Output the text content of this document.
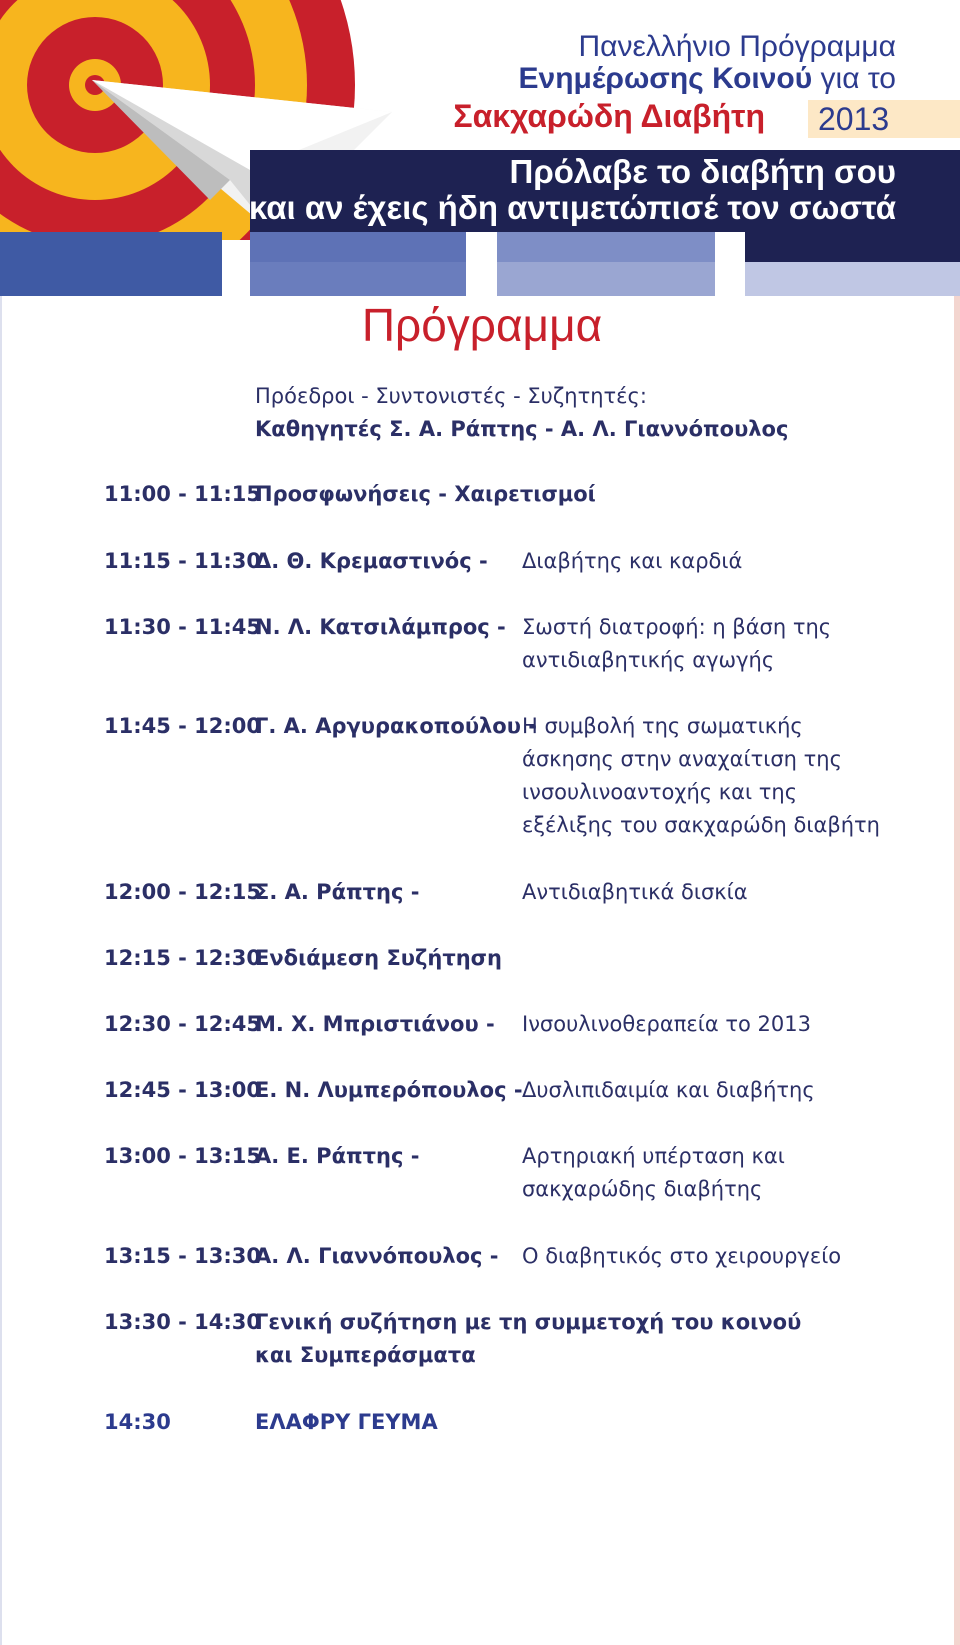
Πανελλήνιο Πρόγραμμα
Ενημέρωσης Κοινού για το
Σακχαρώδη Διαβήτη	2013
Πρόλαβε το διαβήτη σου
και αν έχεις ήδη αντιμετώπισέ τον σωστά
Πρόγραμμα
Πρόεδροι - Συντονιστές - Συζητητές:
Καθηγητές Σ. Α. Ράπτης - Α. Λ. Γιαννόπουλος
11:00 - 11:15
Προσφωνήσεις - Χαιρετισμοί
11:15 - 11:30
Δ. Θ. Κρεμαστινός - Διαβήτης και καρδιά
11:30 - 11:45
Ν. Λ. Κατσιλάμπρος - Σωστή διατροφή: η βάση της αντιδιαβητικής αγωγής
11:45 - 12:00
Γ. Α. Αργυρακοπούλου -
Η συμβολή της σωματικής άσκησης στην αναχαίτιση της ινσουλινοαντοχής και της εξέλιξης του σακχαρώδη διαβήτη
12:00 - 12:15
Σ. Α. Ράπτης -	Αντιδιαβητικά δισκία
12:15 - 12:30
Ενδιάμεση Συζήτηση
12:30 - 12:45
Μ. Χ. Μπριστιάνου - Ινσουλινοθεραπεία το 2013
12:45 - 13:00
Ε. Ν. Λυμπερόπουλος - Δυσλιπιδαιμία και διαβήτης
13:00 - 13:15
Α. Ε. Ράπτης -	Αρτηριακή υπέρταση και σακχαρώδης διαβήτης
13:15 - 13:30
Α. Λ. Γιαννόπουλος - Ο διαβητικός στο χειρουργείο
13:30 - 14:30
Γενική συζήτηση με τη συμμετοχή του κοινού και Συμπεράσματα
14:30	ΕΛΑΦΡΥ ΓΕΥΜΑ
